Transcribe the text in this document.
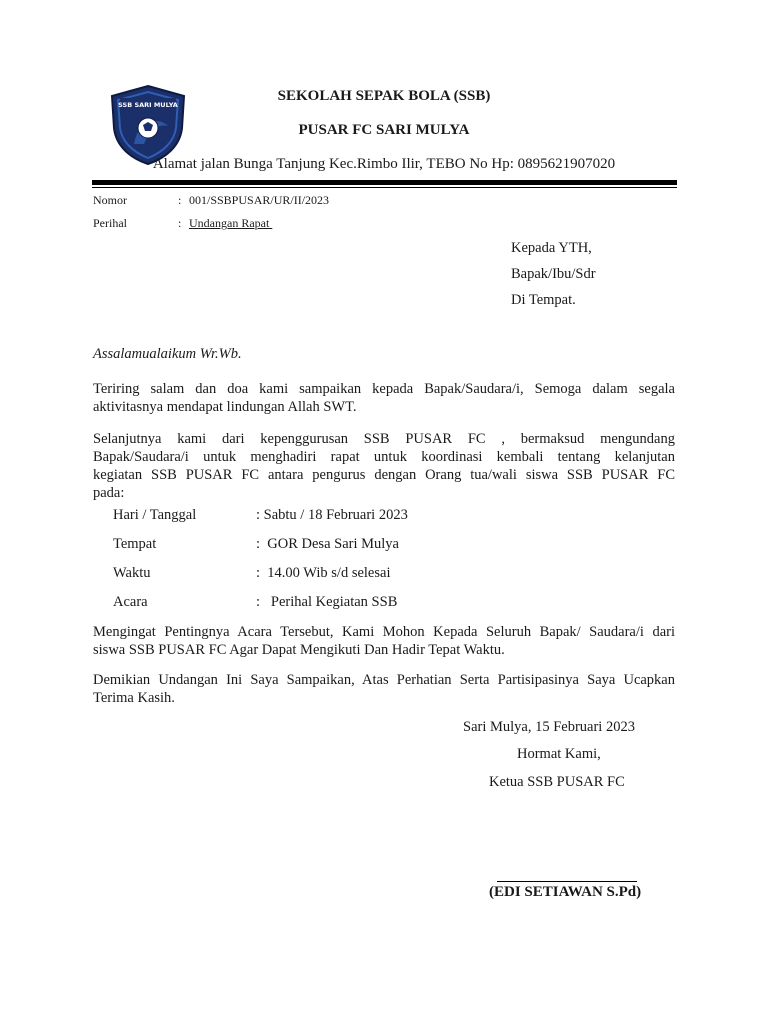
SSB SARI MULYA
SEKOLAH SEPAK BOLA (SSB)
PUSAR FC SARI MULYA
Alamat jalan Bunga Tanjung Kec.Rimbo Ilir, TEBO No Hp: 0895621907020
Nomor	: 001/SSBPUSAR/UR/II/2023
Perihal	: Undangan Rapat
Kepada YTH,
Bapak/Ibu/Sdr
Di Tempat.
Assalamualaikum Wr.Wb.
Teriring salam dan doa kami sampaikan kepada Bapak/Saudara/i, Semoga dalam segala
aktivitasnya mendapat lindungan Allah SWT.
Selanjutnya kami dari kepenggurusan SSB PUSAR FC , bermaksud mengundang
Bapak/Saudara/i untuk menghadiri rapat untuk koordinasi kembali tentang kelanjutan
kegiatan SSB PUSAR FC antara pengurus dengan Orang tua/wali siswa SSB PUSAR FC
pada:
Hari / Tanggal	: Sabtu / 18 Februari 2023
Tempat	:  GOR Desa Sari Mulya
Waktu	:  14.00 Wib s/d selesai
Acara	:   Perihal Kegiatan SSB
Mengingat Pentingnya Acara Tersebut, Kami Mohon Kepada Seluruh Bapak/ Saudara/i dari
siswa SSB PUSAR FC Agar Dapat Mengikuti Dan Hadir Tepat Waktu.
Demikian Undangan Ini Saya Sampaikan, Atas Perhatian Serta Partisipasinya Saya Ucapkan
Terima Kasih.
Sari Mulya, 15 Februari 2023
Hormat Kami,
Ketua SSB PUSAR FC
(EDI SETIAWAN S.Pd)
